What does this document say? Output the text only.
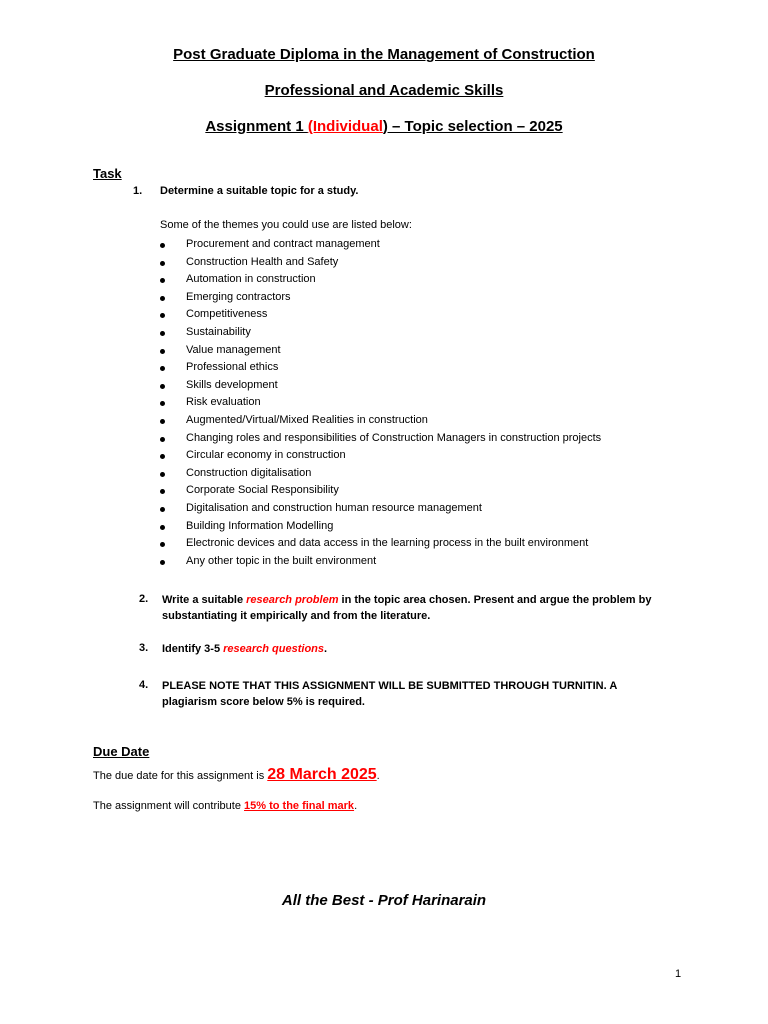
Post Graduate Diploma in the Management of Construction
Professional and Academic Skills
Assignment 1 (Individual) – Topic selection – 2025
Task
1. Determine a suitable topic for a study.
Some of the themes you could use are listed below:
Procurement and contract management
Construction Health and Safety
Automation in construction
Emerging contractors
Competitiveness
Sustainability
Value management
Professional ethics
Skills development
Risk evaluation
Augmented/Virtual/Mixed Realities in construction
Changing roles and responsibilities of Construction Managers in construction projects
Circular economy in construction
Construction digitalisation
Corporate Social Responsibility
Digitalisation and construction human resource management
Building Information Modelling
Electronic devices and data access in the learning process in the built environment
Any other topic in the built environment
2. Write a suitable research problem in the topic area chosen. Present and argue the problem by substantiating it empirically and from the literature.
3. Identify 3-5 research questions.
4. PLEASE NOTE THAT THIS ASSIGNMENT WILL BE SUBMITTED THROUGH TURNITIN. A plagiarism score below 5% is required.
Due Date
The due date for this assignment is 28 March 2025.
The assignment will contribute 15% to the final mark.
All the Best - Prof Harinarain
1
